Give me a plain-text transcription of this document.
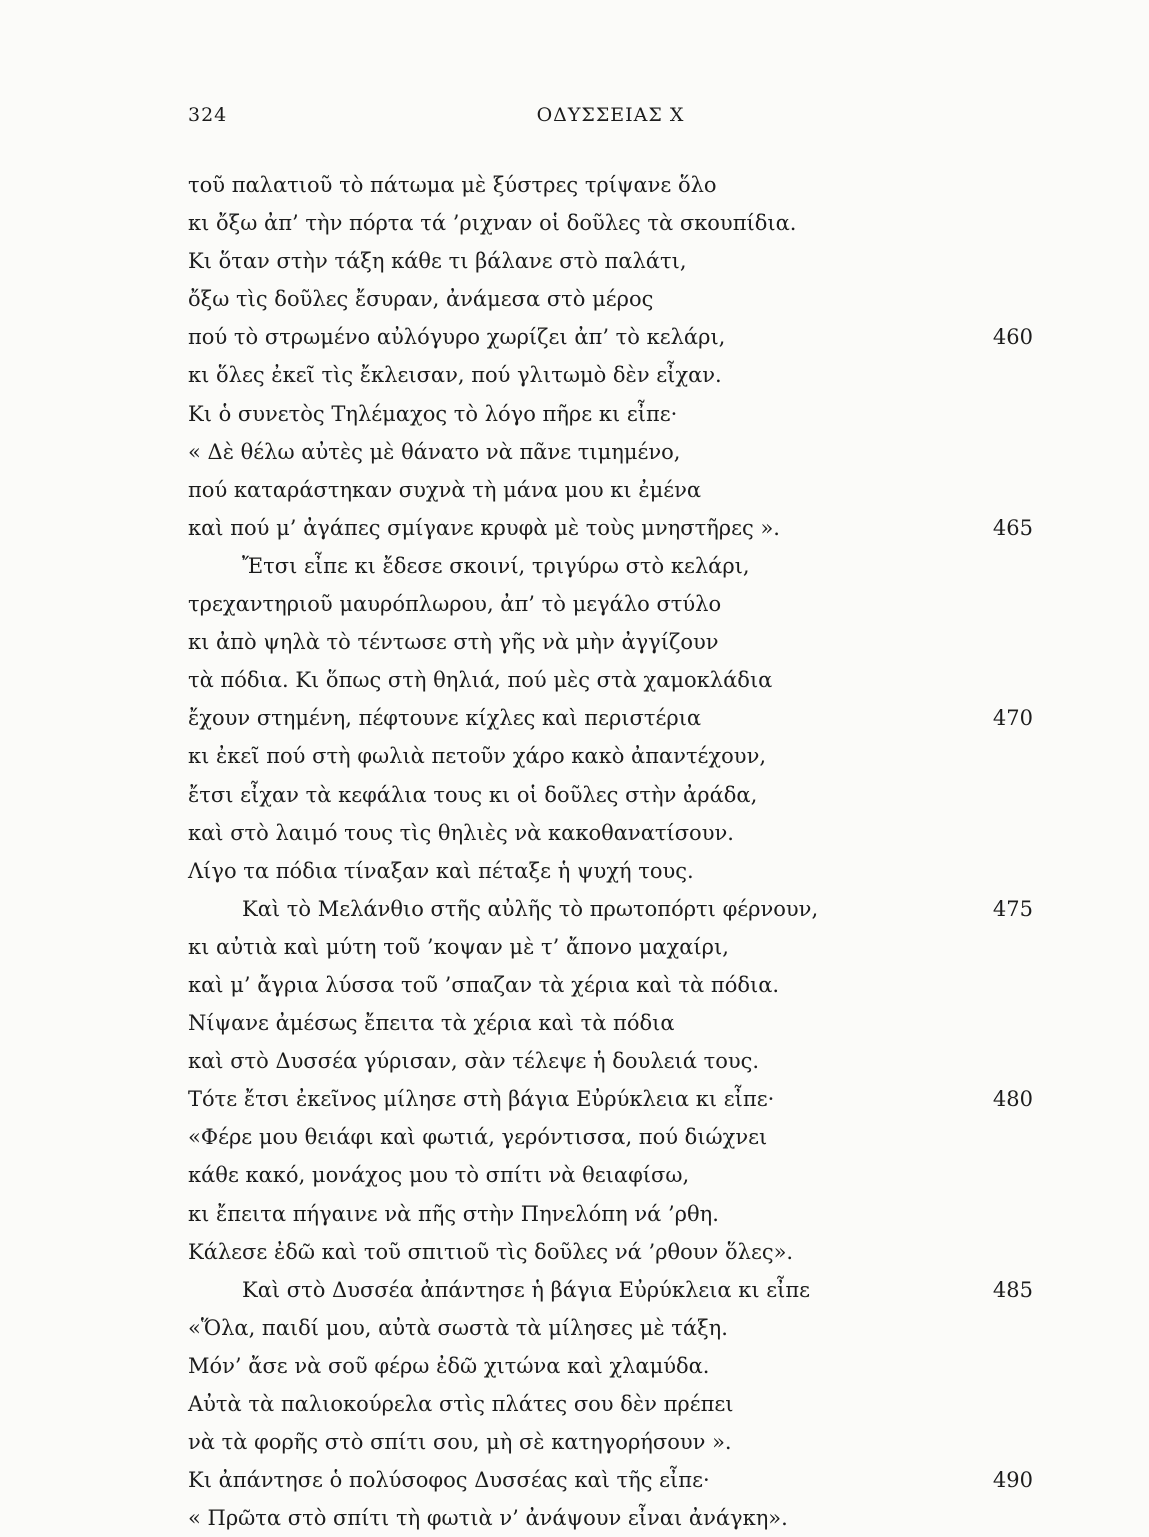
324	ΟΔΥΣΣΕΙΑΣ Χ
τοῦ παλατιοῦ τὸ πάτωμα μὲ ξύστρες τρίψανε ὅλο
κι ὄξω ἀπ’ τὴν πόρτα τά ’ριχναν οἱ δοῦλες τὰ σκουπίδια.
Κι ὅταν στὴν τάξη κάθε τι βάλανε στὸ παλάτι,
ὄξω τὶς δοῦλες ἔσυραν, ἀνάμεσα στὸ μέρος
πού τὸ στρωμένο αὐλόγυρο χωρίζει ἀπ’ τὸ κελάρι,	460
κι ὅλες ἐκεῖ τὶς ἔκλεισαν, πού γλιτωμὸ δὲν εἶχαν.
Κι ὁ συνετὸς Τηλέμαχος τὸ λόγο πῆρε κι εἶπε·
« Δὲ θέλω αὐτὲς μὲ θάνατο νὰ πᾶνε τιμημένο,
πού καταράστηκαν συχνὰ τὴ μάνα μου κι ἐμένα
καὶ πού μ’ ἀγάπες σμίγανε κρυφὰ μὲ τοὺς μνηστῆρες ».	465
Ἔτσι εἶπε κι ἔδεσε σκοινί, τριγύρω στὸ κελάρι,
τρεχαντηριοῦ μαυρόπλωρου, ἀπ’ τὸ μεγάλο στύλο
κι ἀπὸ ψηλὰ τὸ τέντωσε στὴ γῆς νὰ μὴν ἀγγίζουν
τὰ πόδια. Κι ὅπως στὴ θηλιά, πού μὲς στὰ χαμοκλάδια
ἔχουν στημένη, πέφτουνε κίχλες καὶ περιστέρια	470
κι ἐκεῖ πού στὴ φωλιὰ πετοῦν χάρο κακὸ ἀπαντέχουν,
ἔτσι εἶχαν τὰ κεφάλια τους κι οἱ δοῦλες στὴν ἀράδα,
καὶ στὸ λαιμό τους τὶς θηλιὲς νὰ κακοθανατίσουν.
Λίγο τα πόδια τίναξαν καὶ πέταξε ἡ ψυχή τους.
Καὶ τὸ Μελάνθιο στῆς αὐλῆς τὸ πρωτοπόρτι φέρνουν,	475
κι αὐτιὰ καὶ μύτη τοῦ ’κοψαν μὲ τ’ ἄπονο μαχαίρι,
καὶ μ’ ἄγρια λύσσα τοῦ ’σπαζαν τὰ χέρια καὶ τὰ πόδια.
Νίψανε ἀμέσως ἔπειτα τὰ χέρια καὶ τὰ πόδια
καὶ στὸ Δυσσέα γύρισαν, σὰν τέλεψε ἡ δουλειά τους.
Τότε ἔτσι ἐκεῖνος μίλησε στὴ βάγια Εὐρύκλεια κι εἶπε·	480
«Φέρε μου θειάφι καὶ φωτιά, γερόντισσα, πού διώχνει
κάθε κακό, μονάχος μου τὸ σπίτι νὰ θειαφίσω,
κι ἔπειτα πήγαινε νὰ πῆς στὴν Πηνελόπη νά ’ρθη.
Κάλεσε ἐδῶ καὶ τοῦ σπιτιοῦ τὶς δοῦλες νά ’ρθουν ὅλες».
Καὶ στὸ Δυσσέα ἀπάντησε ἡ βάγια Εὐρύκλεια κι εἶπε	485
«Ὅλα, παιδί μου, αὐτὰ σωστὰ τὰ μίλησες μὲ τάξη.
Μόν’ ἄσε νὰ σοῦ φέρω ἐδῶ χιτώνα καὶ χλαμύδα.
Αὐτὰ τὰ παλιοκούρελα στὶς πλάτες σου δὲν πρέπει
νὰ τὰ φορῆς στὸ σπίτι σου, μὴ σὲ κατηγορήσουν ».
Κι ἀπάντησε ὁ πολύσοφος Δυσσέας καὶ τῆς εἶπε·	490
« Πρῶτα στὸ σπίτι τὴ φωτιὰ ν’ ἀνάψουν εἶναι ἀνάγκη».
